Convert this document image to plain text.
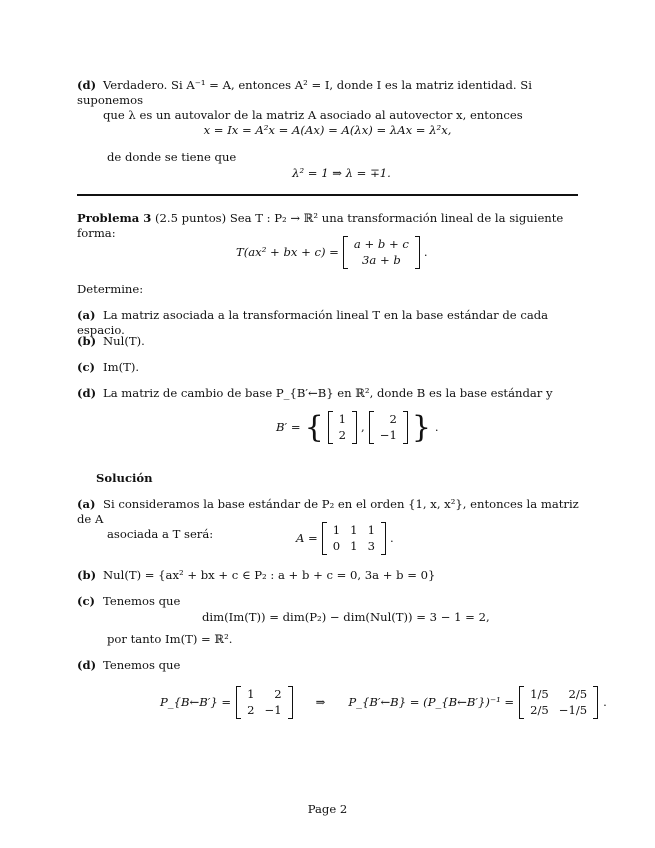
(d) Verdadero. Si A⁻¹ = A, entonces A² = I, donde I es la matriz identidad. Si suponemos
que λ es un autovalor de la matriz A asociado al autovector x, entonces
x = Ix = A²x = A(Ax) = A(λx) = λAx = λ²x,
de donde se tiene que
λ² = 1 ⇒ λ = ∓1.
Problema 3 (2.5 puntos) Sea T : P₂ → ℝ² una transformación lineal de la siguiente forma:
T(ax² + bx + c) =
a + b + c
3a + b
.
Determine:
(a) La matriz asociada a la transformación lineal T en la base estándar de cada espacio.
(b) Nul(T).
(c) Im(T).
(d) La matriz de cambio de base P_{B′←B} en ℝ², donde B es la base estándar y
B′ = { 1
2
,
2
−1 } .
Solución
(a) Si consideramos la base estándar de P₂ en el orden {1, x, x²}, entonces la matriz de A
asociada a T será:	A =
1 1 1
0 1 3
.
(b) Nul(T) = {ax² + bx + c ∈ P₂ : a + b + c = 0, 3a + b = 0}
(c) Tenemos que
dim(Im(T)) = dim(P₂) − dim(Nul(T)) = 3 − 1 = 2,
por tanto Im(T) = ℝ².
(d) Tenemos que
P_{B←B′} =
1	2
2 −1
⇒	P_{B′←B} = (P_{B←B′})⁻¹ =
1/5	2/5
2/5 −1/5
.
Page 2
